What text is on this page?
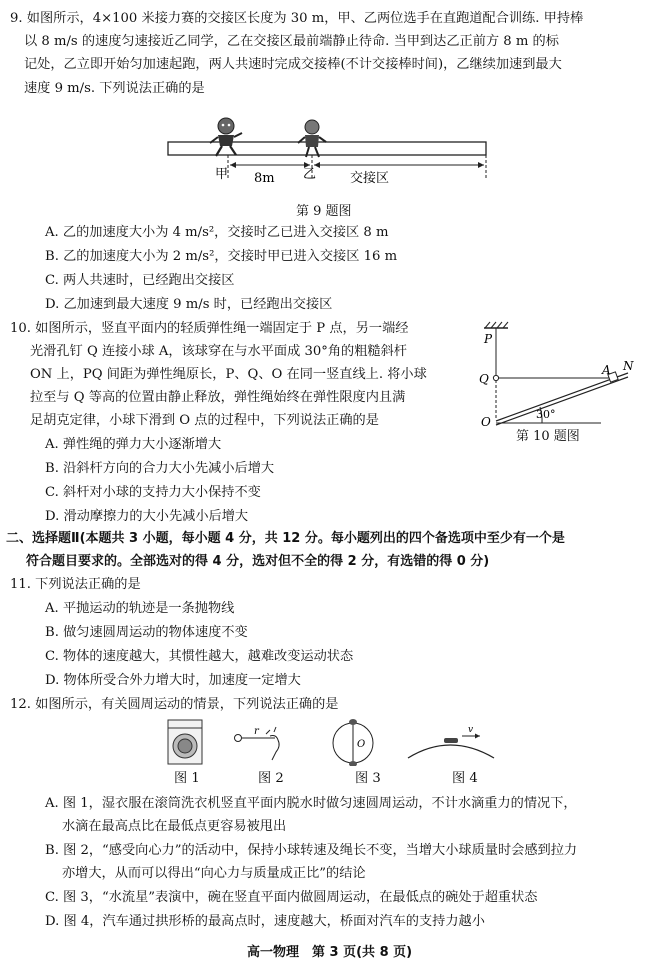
9. 如图所示，4×100 米接力赛的交接区长度为 30 m，甲、乙两位选手在直跑道配合训练. 甲持棒
以 8 m/s 的速度匀速接近乙同学，乙在交接区最前端静止待命. 当甲到达乙正前方 8 m 的标
记处，乙立即开始匀加速起跑，两人共速时完成交接棒(不计交接棒时间)，乙继续加速到最大
速度 9 m/s. 下列说法正确的是
甲 8m 乙	交接区
第 9 题图
A. 乙的加速度大小为 4 m/s²，交接时乙已进入交接区 8 m
B. 乙的加速度大小为 2 m/s²，交接时甲已进入交接区 16 m
C. 两人共速时，已经跑出交接区
D. 乙加速到最大速度 9 m/s 时，已经跑出交接区
10. 如图所示，竖直平面内的轻质弹性绳一端固定于 P 点，另一端经
光滑孔钉 Q 连接小球 A，该球穿在与水平面成 30°角的粗糙斜杆
ON 上，PQ 间距为弹性绳原长，P、Q、O 在同一竖直线上. 将小球
拉至与 Q 等高的位置由静止释放，弹性绳始终在弹性限度内且满
足胡克定律，小球下滑到 O 点的过程中，下列说法正确的是
P
Q
O
A N
30°
第 10 题图
A. 弹性绳的弹力大小逐渐增大
B. 沿斜杆方向的合力大小先减小后增大
C. 斜杆对小球的支持力大小保持不变
D. 滑动摩擦力的大小先减小后增大
二、选择题Ⅱ(本题共 3 小题，每小题 4 分，共 12 分。每小题列出的四个备选项中至少有一个是
符合题目要求的。全部选对的得 4 分，选对但不全的得 2 分，有选错的得 0 分)
11. 下列说法正确的是
A. 平抛运动的轨迹是一条抛物线
B. 做匀速圆周运动的物体速度不变
C. 物体的速度越大，其惯性越大，越难改变运动状态
D. 物体所受合外力增大时，加速度一定增大
12. 如图所示，有关圆周运动的情景，下列说法正确的是
r
O
v
图 1	图 2	图 3	图 4
A. 图 1，湿衣服在滚筒洗衣机竖直平面内脱水时做匀速圆周运动，不计水滴重力的情况下，
水滴在最高点比在最低点更容易被甩出
B. 图 2，“感受向心力”的活动中，保持小球转速及绳长不变，当增大小球质量时会感到拉力
亦增大，从而可以得出“向心力与质量成正比”的结论
C. 图 3，“水流星”表演中，碗在竖直平面内做圆周运动，在最低点的碗处于超重状态
D. 图 4，汽车通过拱形桥的最高点时，速度越大，桥面对汽车的支持力越小
高一物理　第 3 页(共 8 页)
